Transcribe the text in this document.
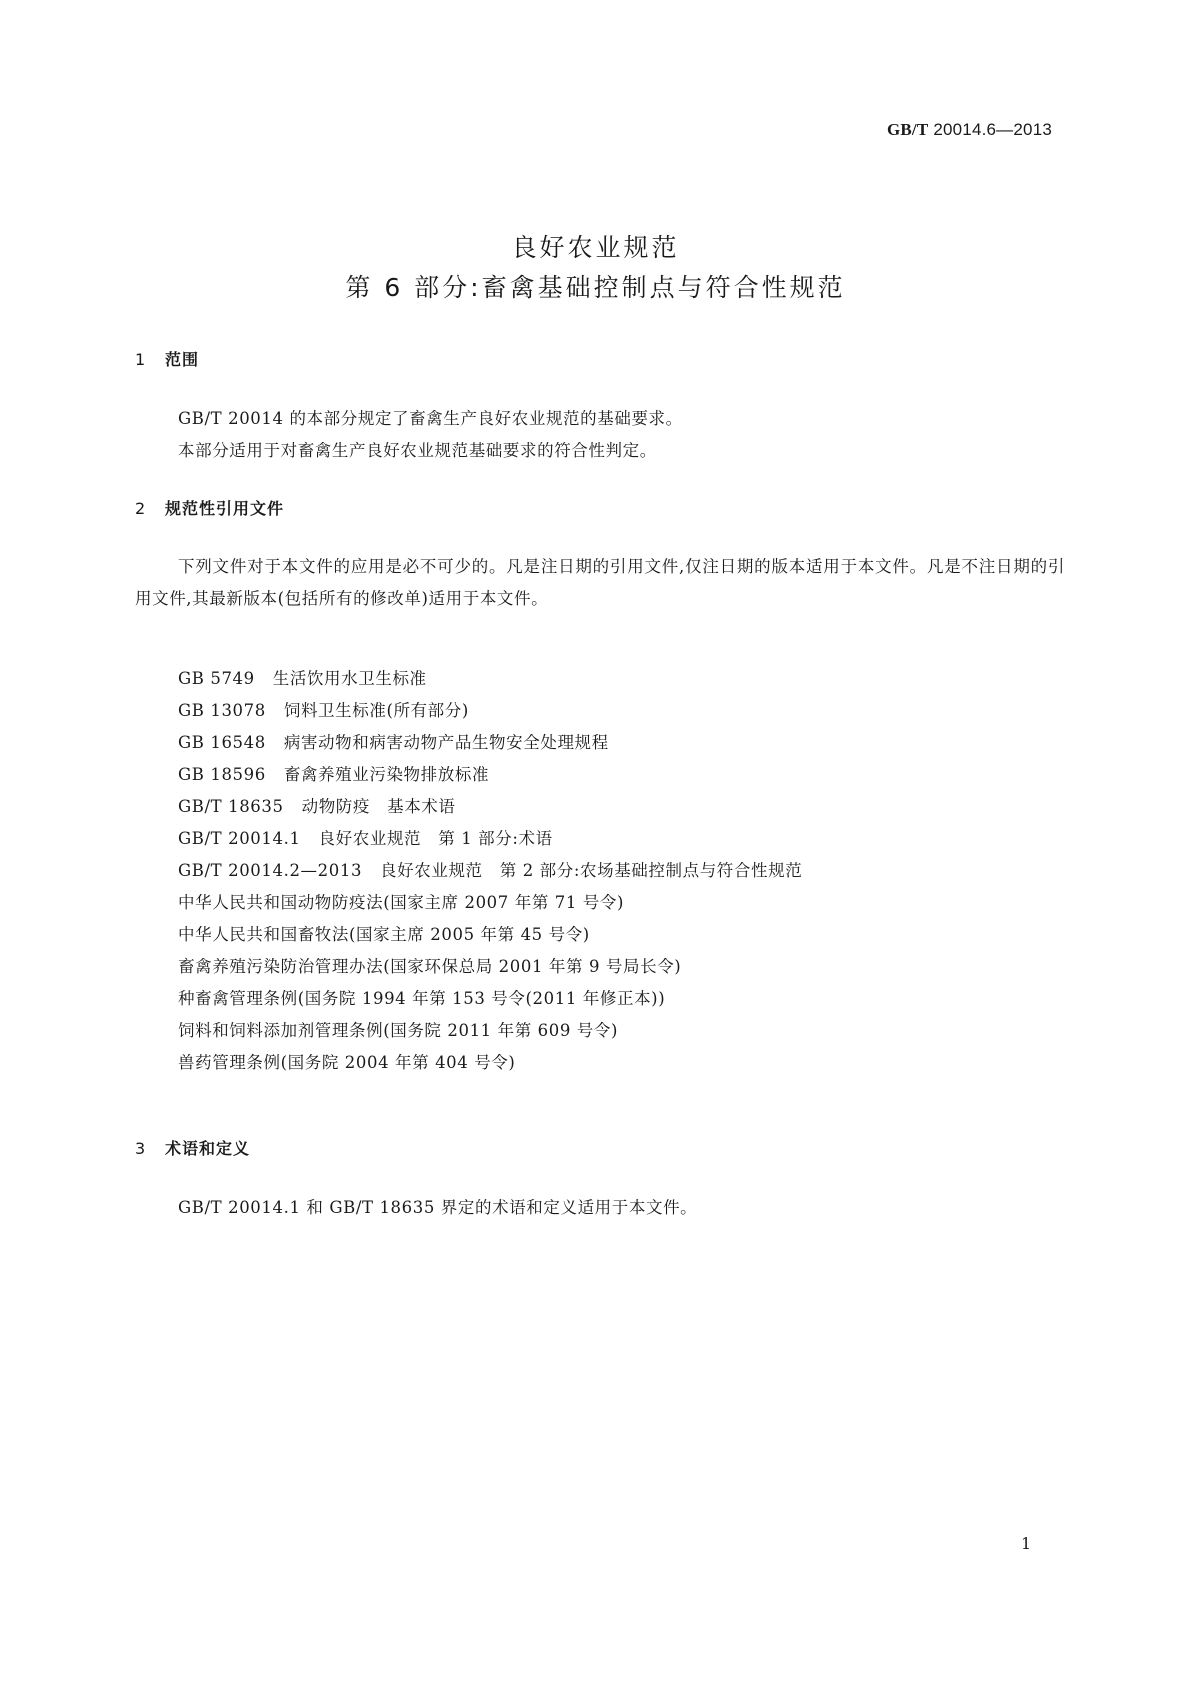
GB/T 20014.6—2013
良好农业规范
第 6 部分:畜禽基础控制点与符合性规范
1 范围
GB/T 20014 的本部分规定了畜禽生产良好农业规范的基础要求。
本部分适用于对畜禽生产良好农业规范基础要求的符合性判定。
2 规范性引用文件
下列文件对于本文件的应用是必不可少的。凡是注日期的引用文件,仅注日期的版本适用于本文件。凡是不注日期的引用文件,其最新版本(包括所有的修改单)适用于本文件。
GB 5749 生活饮用水卫生标准
GB 13078 饲料卫生标准(所有部分)
GB 16548 病害动物和病害动物产品生物安全处理规程
GB 18596 畜禽养殖业污染物排放标准
GB/T 18635 动物防疫　基本术语
GB/T 20014.1 良好农业规范　第 1 部分:术语
GB/T 20014.2—2013 良好农业规范　第 2 部分:农场基础控制点与符合性规范
中华人民共和国动物防疫法(国家主席 2007 年第 71 号令)
中华人民共和国畜牧法(国家主席 2005 年第 45 号令)
畜禽养殖污染防治管理办法(国家环保总局 2001 年第 9 号局长令)
种畜禽管理条例(国务院 1994 年第 153 号令(2011 年修正本))
饲料和饲料添加剂管理条例(国务院 2011 年第 609 号令)
兽药管理条例(国务院 2004 年第 404 号令)
3 术语和定义
GB/T 20014.1 和 GB/T 18635 界定的术语和定义适用于本文件。
1
